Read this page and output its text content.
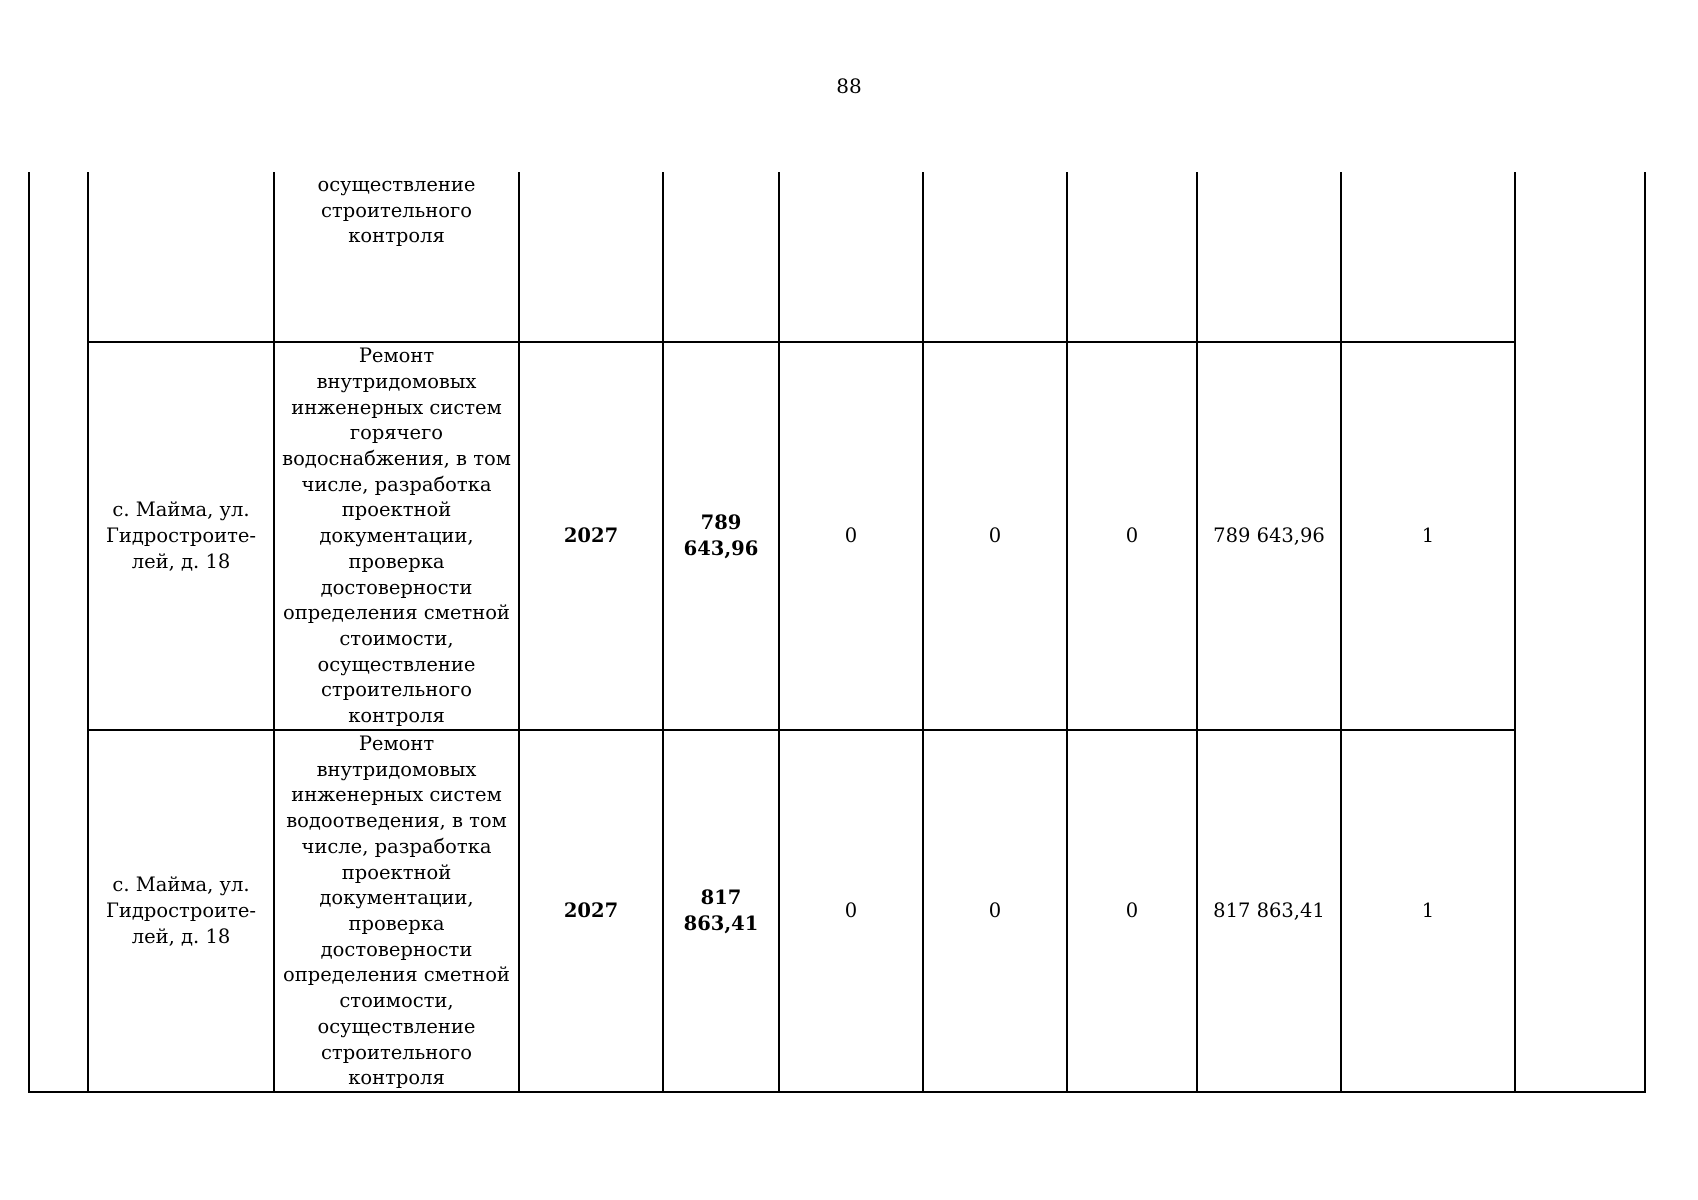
88
		осуществление строительного контроля								
	с. Майма, ул. Гидростроите-лей, д. 18	Ремонт внутридомовых инженерных систем горячего водоснабжения, в том числе, разработка проектной документации, проверка достоверности определения сметной стоимости, осуществление строительного контроля	2027	789 643,96	0	0	0	789 643,96	1	
	с. Майма, ул. Гидростроите-лей, д. 18	Ремонт внутридомовых инженерных систем водоотведения, в том числе, разработка проектной документации, проверка достоверности определения сметной стоимости, осуществление строительного контроля	2027	817 863,41	0	0	0	817 863,41	1	
